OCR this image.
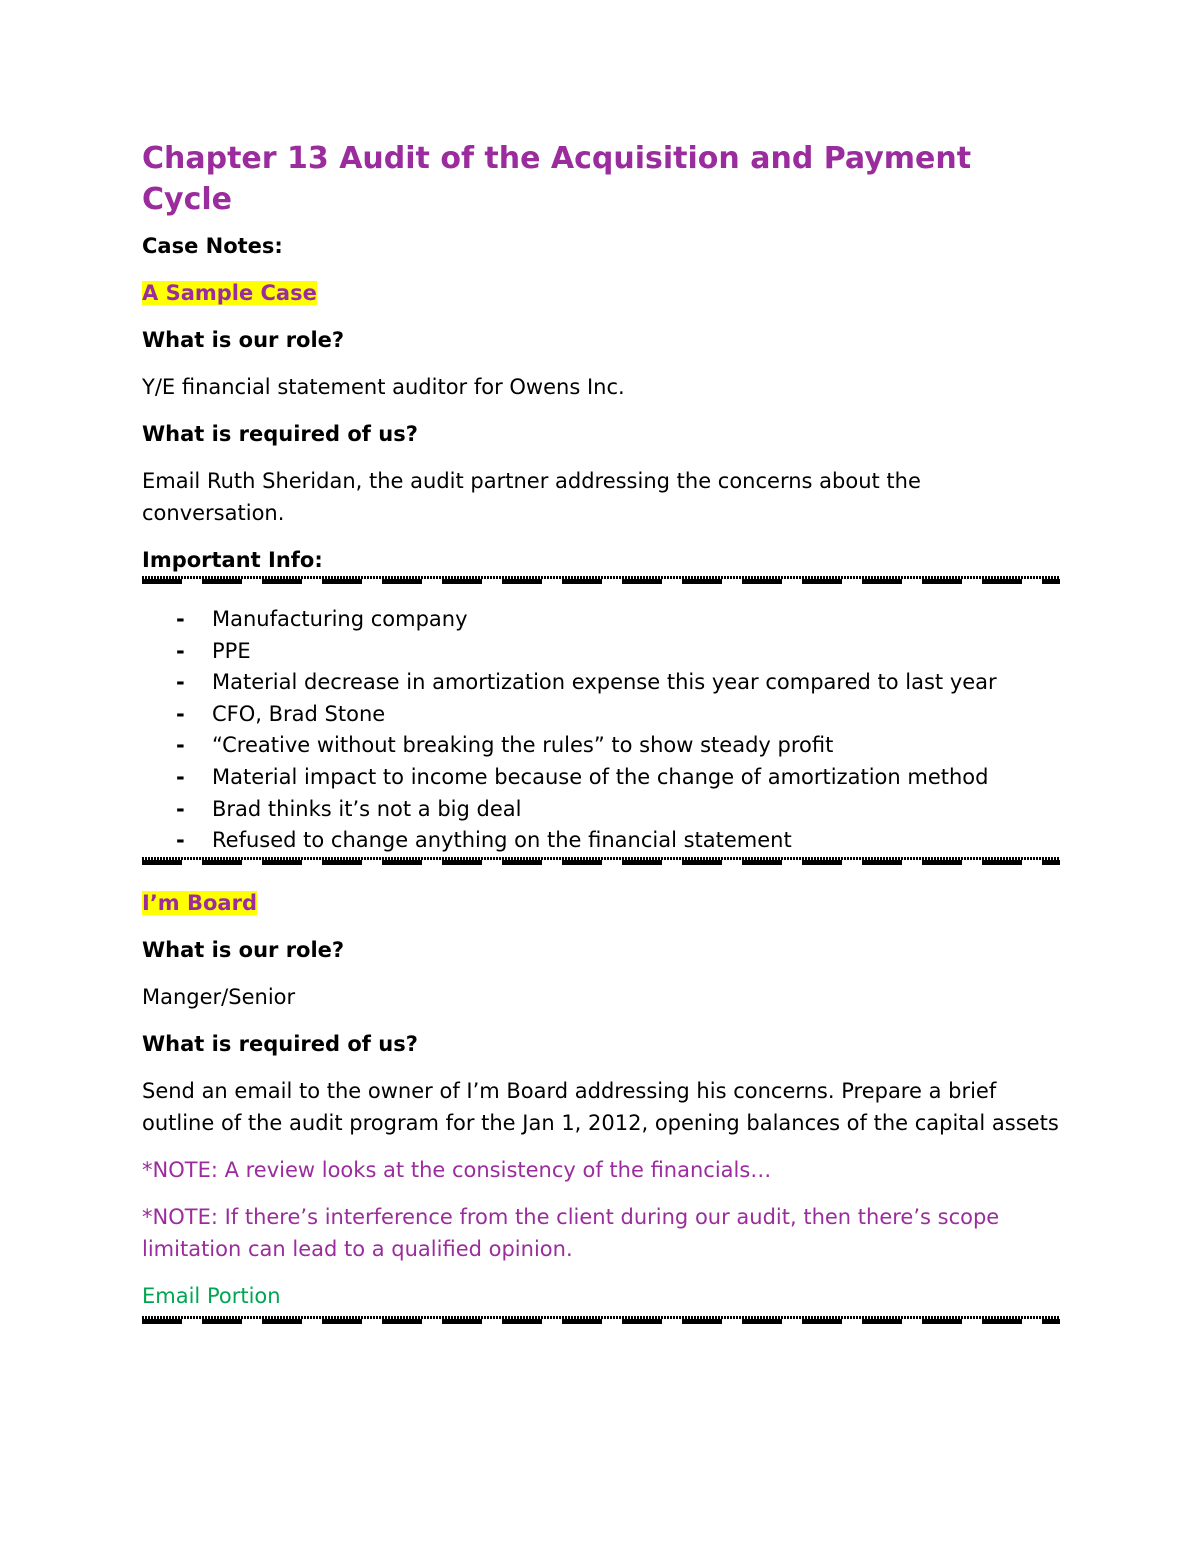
Chapter 13 Audit of the Acquisition and Payment Cycle
Case Notes:
A Sample Case
What is our role?
Y/E financial statement auditor for Owens Inc.
What is required of us?
Email Ruth Sheridan, the audit partner addressing the concerns about the conversation.
Important Info:
- Manufacturing company
- PPE
- Material decrease in amortization expense this year compared to last year
- CFO, Brad Stone
- “Creative without breaking the rules” to show steady profit
- Material impact to income because of the change of amortization method
- Brad thinks it’s not a big deal
- Refused to change anything on the financial statement
I’m Board
What is our role?
Manger/Senior
What is required of us?
Send an email to the owner of I’m Board addressing his concerns. Prepare a brief outline of the audit program for the Jan 1, 2012, opening balances of the capital assets
*NOTE: A review looks at the consistency of the financials…
*NOTE: If there’s interference from the client during our audit, then there’s scope limitation can lead to a qualified opinion.
Email Portion
